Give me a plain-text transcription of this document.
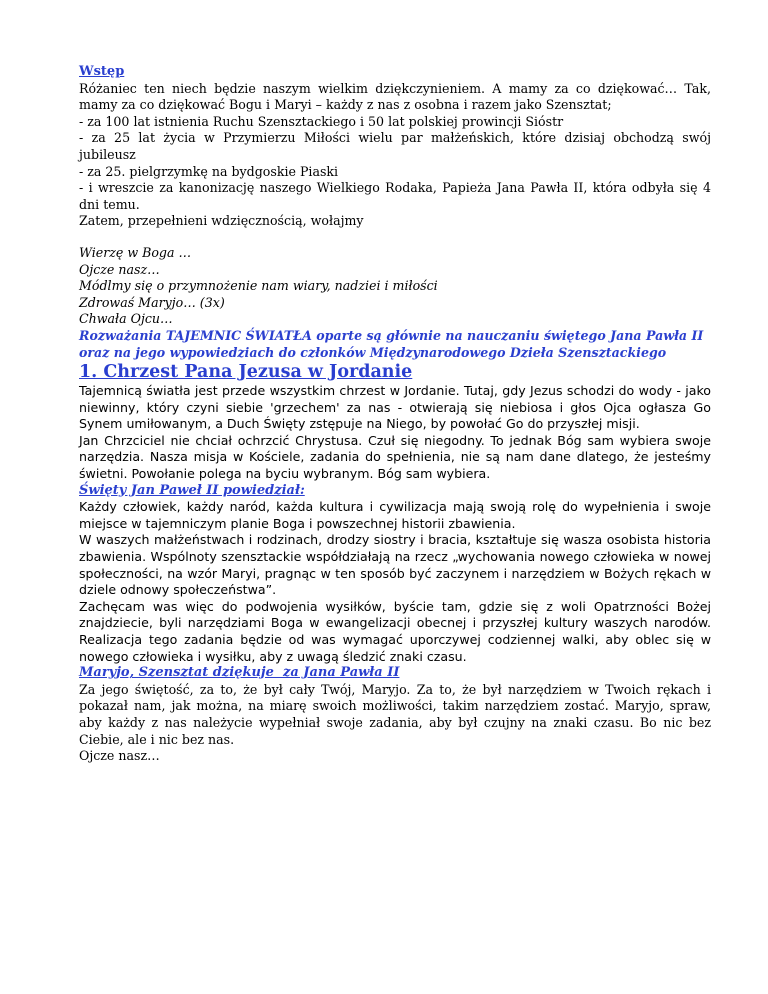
Wstęp

Różaniec ten niech będzie naszym wielkim dziękczynieniem. A mamy za co dziękować… Tak, mamy za co dziękować Bogu i Maryi – każdy z nas z osobna i razem jako Szensztat;

- za 100 lat istnienia Ruchu Szensztackiego i 50 lat polskiej prowincji Sióstr

- za 25 lat życia w Przymierzu Miłości wielu par małżeńskich, które dzisiaj obchodzą swój jubileusz

- za 25. pielgrzymkę na bydgoskie Piaski

- i wreszcie za kanonizację naszego Wielkiego Rodaka, Papieża Jana Pawła II, która odbyła się 4 dni temu.

Zatem, przepełnieni wdzięcznością, wołajmy

Wierzę w Boga …

Ojcze nasz…

Módlmy się o przymnożenie nam wiary, nadziei i miłości

Zdrowaś Maryjo… (3x)

Chwała Ojcu…

Rozważania TAJEMNIC ŚWIATŁA oparte są głównie na nauczaniu świętego Jana Pawła II oraz na jego wypowiedziach do członków Międzynarodowego Dzieła Szensztackiego

1. Chrzest Pana Jezusa w Jordanie

Tajemnicą światła jest przede wszystkim chrzest w Jordanie. Tutaj, gdy Jezus schodzi do wody - jako niewinny, który czyni siebie 'grzechem' za nas - otwierają się niebiosa i głos Ojca ogłasza Go Synem umiłowanym, a Duch Święty zstępuje na Niego, by powołać Go do przyszłej misji.

Jan Chrzciciel nie chciał ochrzcić Chrystusa. Czuł się niegodny. To jednak Bóg sam wybiera swoje narzędzia. Nasza misja w Kościele, zadania do spełnienia, nie są nam dane dlatego, że jesteśmy świetni. Powołanie polega na byciu wybranym. Bóg sam wybiera.

Święty Jan Paweł II powiedział:

Każdy człowiek, każdy naród, każda kultura i cywilizacja mają swoją rolę do wypełnienia i swoje miejsce w tajemniczym planie Boga i powszechnej historii zbawienia.

W waszych małżeństwach i rodzinach, drodzy siostry i bracia, kształtuje się wasza osobista historia zbawienia. Wspólnoty szensztackie współdziałają na rzecz „wychowania nowego człowieka w nowej społeczności, na wzór Maryi, pragnąc w ten sposób być zaczynem i narzędziem w Bożych rękach w dziele odnowy społeczeństwa”.

Zachęcam was więc do podwojenia wysiłków, byście tam, gdzie się z woli Opatrzności Bożej znajdziecie, byli narzędziami Boga w ewangelizacji obecnej i przyszłej kultury waszych narodów. Realizacja tego zadania będzie od was wymagać uporczywej codziennej walki, aby oblec się w nowego człowieka i wysiłku, aby z uwagą śledzić znaki czasu.

Maryjo, Szensztat dziękuje  za Jana Pawła II

Za jego świętość, za to, że był cały Twój, Maryjo. Za to, że był narzędziem w Twoich rękach i pokazał nam, jak można, na miarę swoich możliwości, takim narzędziem zostać. Maryjo, spraw, aby każdy z nas należycie wypełniał swoje zadania, aby był czujny na znaki czasu. Bo nic bez Ciebie, ale i nic bez nas.

Ojcze nasz…
